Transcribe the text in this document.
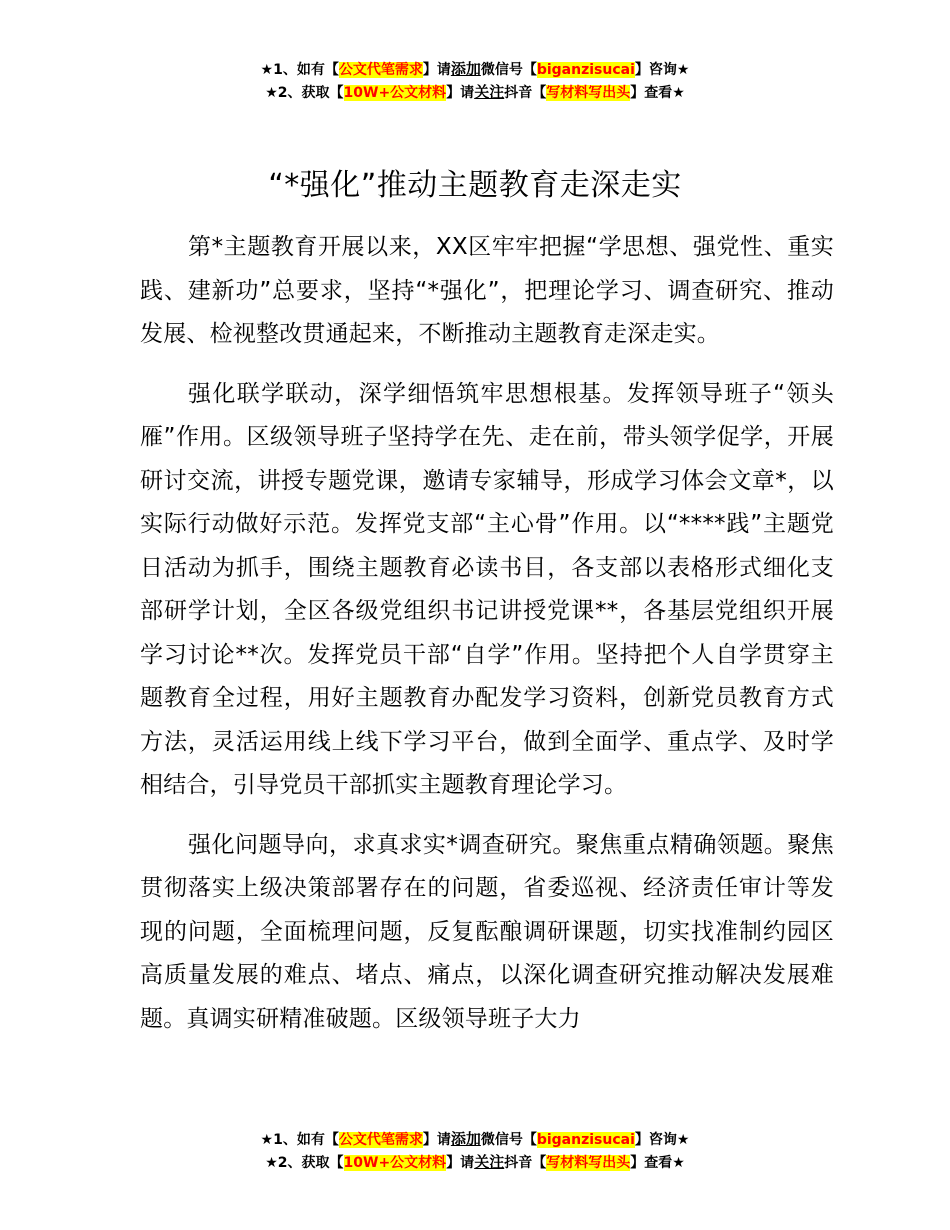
★1、如有【公文代笔需求】请添加微信号【biganzisucai】咨询★
★2、获取【10W+公文材料】请关注抖音【写材料写出头】查看★
“*强化”推动主题教育走深走实

第*主题教育开展以来，XX区牢牢把握“学思想、强党性、重实践、建新功”总要求，坚持“*强化”，把理论学习、调查研究、推动发展、检视整改贯通起来，不断推动主题教育走深走实。

强化联学联动，深学细悟筑牢思想根基。发挥领导班子“领头雁”作用。区级领导班子坚持学在先、走在前，带头领学促学，开展研讨交流，讲授专题党课，邀请专家辅导，形成学习体会文章*，以实际行动做好示范。发挥党支部“主心骨”作用。以“****践”主题党日活动为抓手，围绕主题教育必读书目，各支部以表格形式细化支部研学计划，全区各级党组织书记讲授党课**，各基层党组织开展学习讨论**次。发挥党员干部“自学”作用。坚持把个人自学贯穿主题教育全过程，用好主题教育办配发学习资料，创新党员教育方式方法，灵活运用线上线下学习平台，做到全面学、重点学、及时学相结合，引导党员干部抓实主题教育理论学习。

强化问题导向，求真求实*调查研究。聚焦重点精确领题。聚焦贯彻落实上级决策部署存在的问题，省委巡视、经济责任审计等发现的问题，全面梳理问题，反复酝酿调研课题，切实找准制约园区高质量发展的难点、堵点、痛点，以深化调查研究推动解决发展难题。真调实研精准破题。区级领导班子大力

★1、如有【公文代笔需求】请添加微信号【biganzisucai】咨询★
★2、获取【10W+公文材料】请关注抖音【写材料写出头】查看★
